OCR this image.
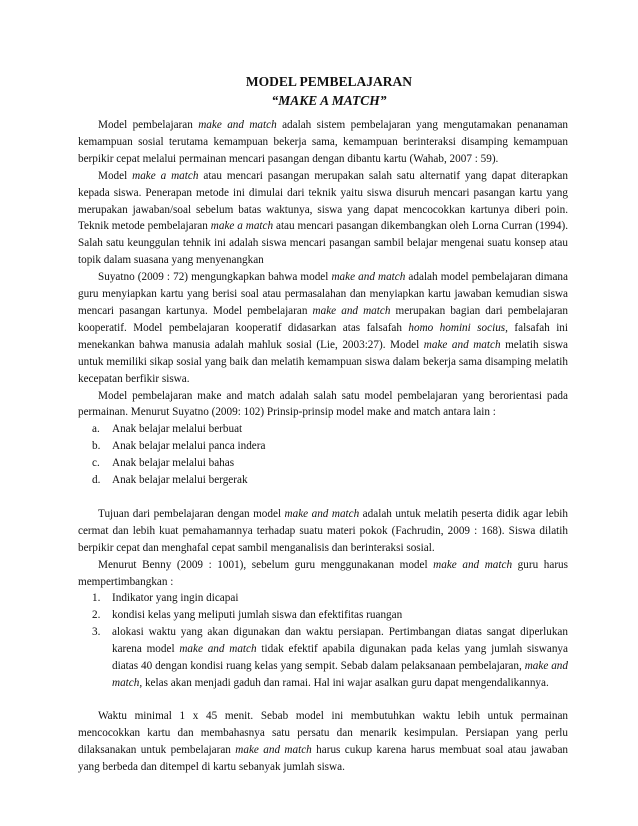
MODEL PEMBELAJARAN
“MAKE A MATCH”

Model pembelajaran make and match adalah sistem pembelajaran yang mengutamakan penanaman kemampuan sosial terutama kemampuan bekerja sama, kemampuan berinteraksi disamping kemampuan berpikir cepat melalui permainan mencari pasangan dengan dibantu kartu (Wahab, 2007 : 59).

Model make a match atau mencari pasangan merupakan salah satu alternatif yang dapat diterapkan kepada siswa. Penerapan metode ini dimulai dari teknik yaitu siswa disuruh mencari pasangan kartu yang merupakan jawaban/soal sebelum batas waktunya, siswa yang dapat mencocokkan kartunya diberi poin. Teknik metode pembelajaran make a match atau mencari pasangan dikembangkan oleh Lorna Curran (1994). Salah satu keunggulan tehnik ini adalah siswa mencari pasangan sambil belajar mengenai suatu konsep atau topik dalam suasana yang menyenangkan

Suyatno (2009 : 72) mengungkapkan bahwa model make and match adalah model pembelajaran dimana guru menyiapkan kartu yang berisi soal atau permasalahan dan menyiapkan kartu jawaban kemudian siswa mencari pasangan kartunya. Model pembelajaran make and match merupakan bagian dari pembelajaran kooperatif. Model pembelajaran kooperatif didasarkan atas falsafah homo homini socius, falsafah ini menekankan bahwa manusia adalah mahluk sosial (Lie, 2003:27). Model make and match melatih siswa untuk memiliki sikap sosial yang baik dan melatih kemampuan siswa dalam bekerja sama disamping melatih kecepatan berfikir siswa.

Model pembelajaran make and match adalah salah satu model pembelajaran yang berorientasi pada permainan. Menurut Suyatno (2009: 102) Prinsip-prinsip model make and match antara lain :

a. Anak belajar melalui berbuat
b. Anak belajar melalui panca indera
c. Anak belajar melalui bahas
d. Anak belajar melalui bergerak

Tujuan dari pembelajaran dengan model make and match adalah untuk melatih peserta didik agar lebih cermat dan lebih kuat pemahamannya terhadap suatu materi pokok (Fachrudin, 2009 : 168). Siswa dilatih berpikir cepat dan menghafal cepat sambil menganalisis dan berinteraksi sosial.

Menurut Benny (2009 : 1001), sebelum guru menggunakanan model make and match guru harus mempertimbangkan :

1. Indikator yang ingin dicapai
2. kondisi kelas yang meliputi jumlah siswa dan efektifitas ruangan
3. alokasi waktu yang akan digunakan dan waktu persiapan. Pertimbangan diatas sangat diperlukan karena model make and match tidak efektif apabila digunakan pada kelas yang jumlah siswanya diatas 40 dengan kondisi ruang kelas yang sempit. Sebab dalam pelaksanaan pembelajaran, make and match, kelas akan menjadi gaduh dan ramai. Hal ini wajar asalkan guru dapat mengendalikannya.

Waktu minimal 1 x 45 menit. Sebab model ini membutuhkan waktu lebih untuk permainan mencocokkan kartu dan membahasnya satu persatu dan menarik kesimpulan. Persiapan yang perlu dilaksanakan untuk pembelajaran make and match harus cukup karena harus membuat soal atau jawaban yang berbeda dan ditempel di kartu sebanyak jumlah siswa.
